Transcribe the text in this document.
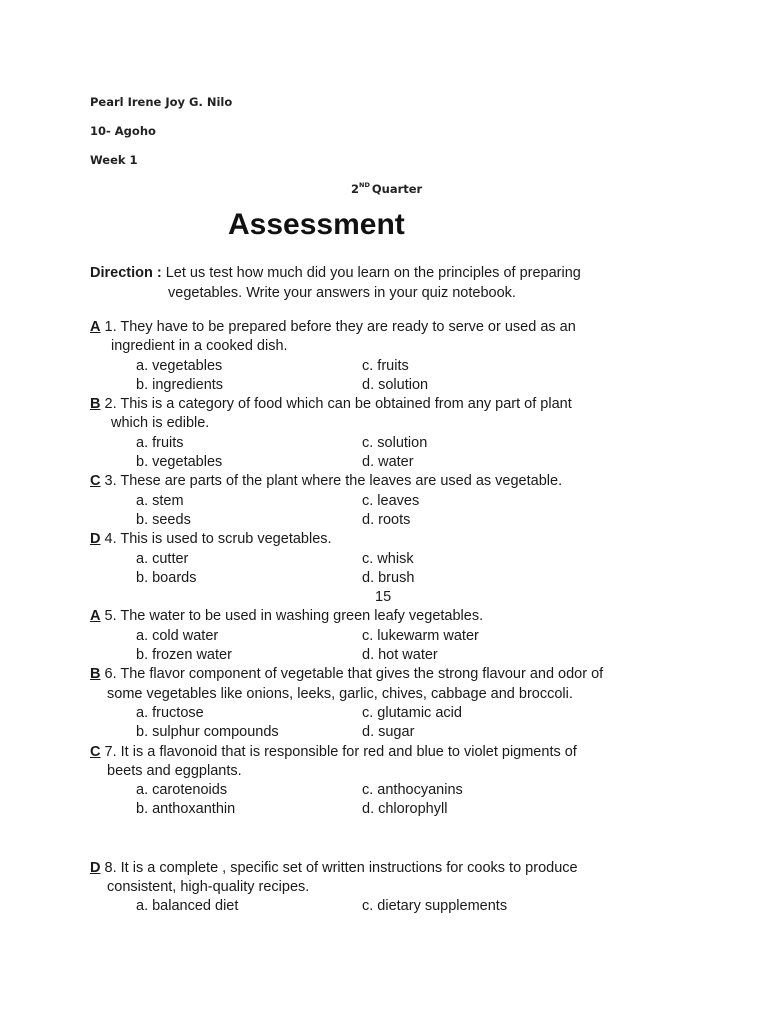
Pearl Irene Joy G. Nilo
10- Agoho
Week 1
2ND Quarter
Assessment
Direction : Let us test how much did you learn on the principles of preparing
vegetables. Write your answers in your quiz notebook.
A 1. They have to be prepared before they are ready to serve or used as an
ingredient in a cooked dish.
a. vegetables	c. fruits
b. ingredients	d. solution
B 2. This is a category of food which can be obtained from any part of plant
which is edible.
a. fruits	c. solution
b. vegetables	d. water
C 3. These are parts of the plant where the leaves are used as vegetable.
a. stem	c. leaves
b. seeds	d. roots
D 4. This is used to scrub vegetables.
a. cutter	c. whisk
b. boards	d. brush
15
A 5. The water to be used in washing green leafy vegetables.
a. cold water	c. lukewarm water
b. frozen water	d. hot water
B 6. The flavor component of vegetable that gives the strong flavour and odor of
some vegetables like onions, leeks, garlic, chives, cabbage and broccoli.
a. fructose	c. glutamic acid
b. sulphur compounds	d. sugar
C 7. It is a flavonoid that is responsible for red and blue to violet pigments of
beets and eggplants.
a. carotenoids	c. anthocyanins
b. anthoxanthin	d. chlorophyll
D 8. It is a complete , specific set of written instructions for cooks to produce
consistent, high-quality recipes.
a. balanced diet	c. dietary supplements
